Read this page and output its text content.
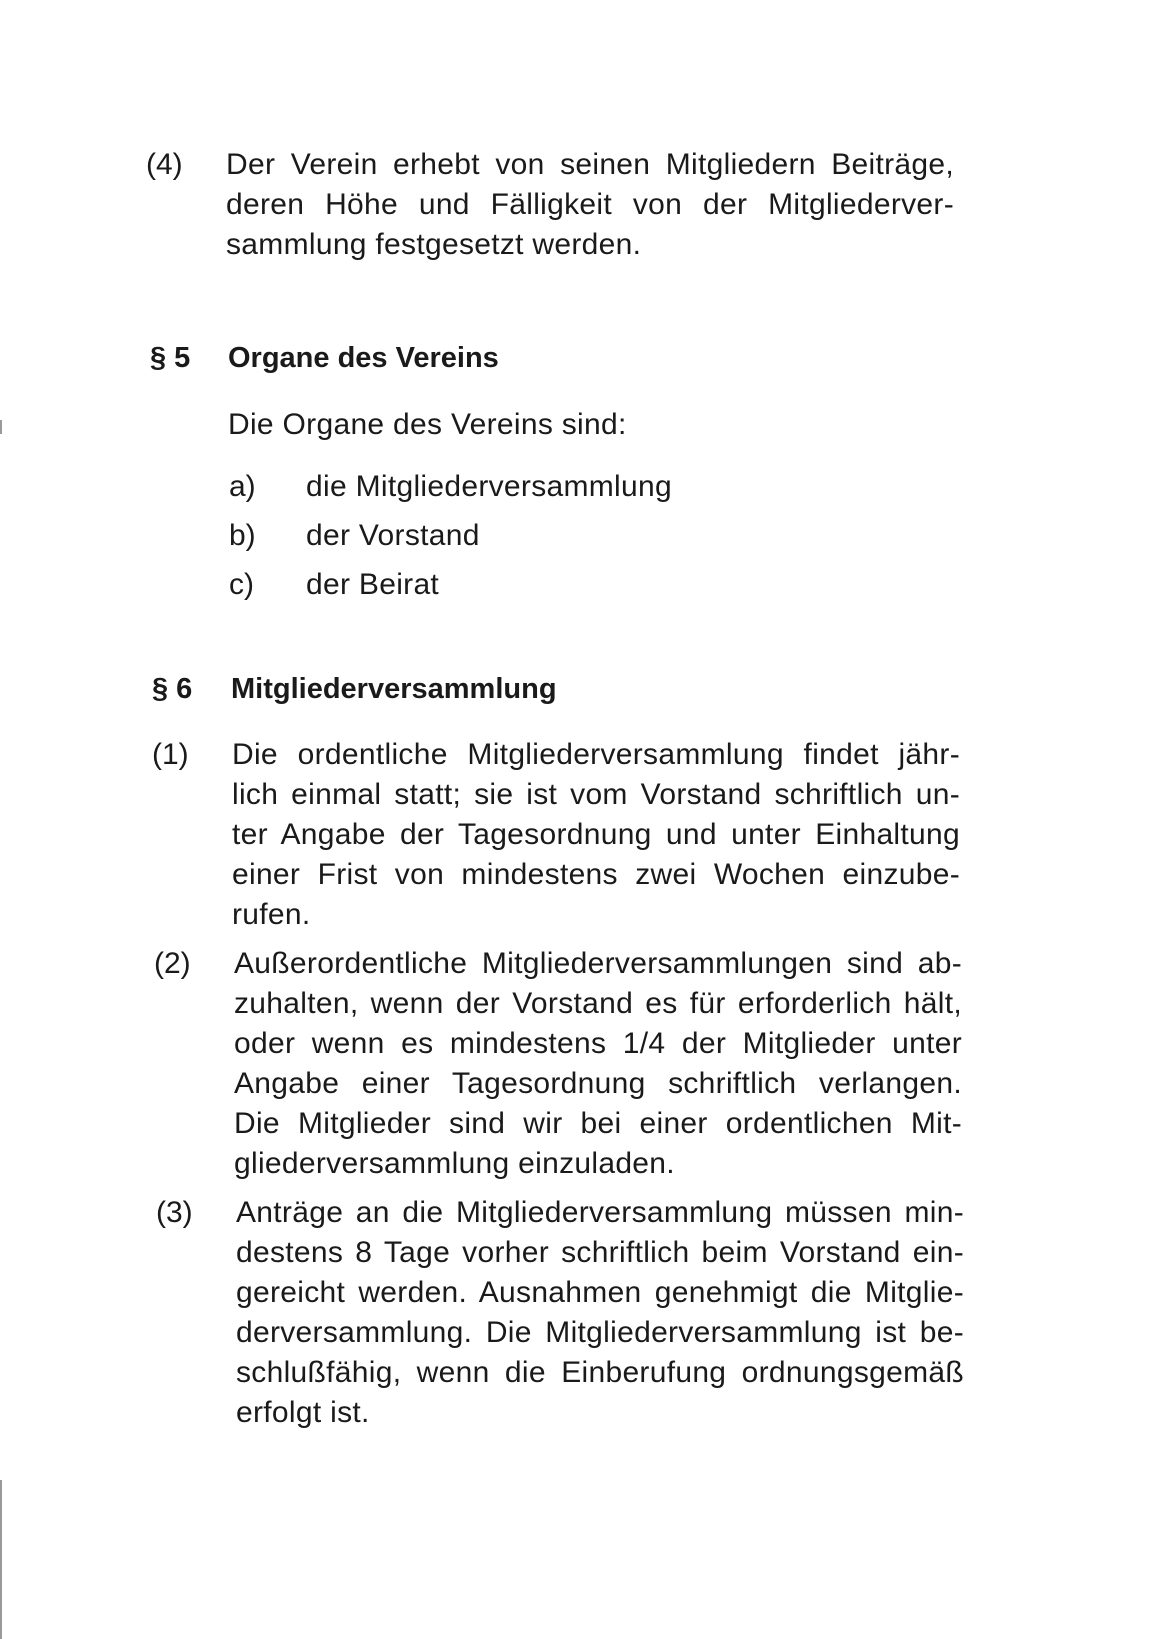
(4) Der Verein erhebt von seinen Mitgliedern Beiträge,
deren Höhe und Fälligkeit von der Mitgliederver-
sammlung festgesetzt werden.
§ 5 Organe des Vereins
Die Organe des Vereins sind:
a) die Mitgliederversammlung
b) der Vorstand
c) der Beirat
§ 6 Mitgliederversammlung
(1) Die ordentliche Mitgliederversammlung findet jähr-
lich einmal statt; sie ist vom Vorstand schriftlich un-
ter Angabe der Tagesordnung und unter Einhaltung
einer Frist von mindestens zwei Wochen einzube-
rufen.
(2) Außerordentliche Mitgliederversammlungen sind ab-
zuhalten, wenn der Vorstand es für erforderlich hält,
oder wenn es mindestens 1/4 der Mitglieder unter
Angabe einer Tagesordnung schriftlich verlangen.
Die Mitglieder sind wir bei einer ordentlichen Mit-
gliederversammlung einzuladen.
(3) Anträge an die Mitgliederversammlung müssen min-
destens 8 Tage vorher schriftlich beim Vorstand ein-
gereicht werden. Ausnahmen genehmigt die Mitglie-
derversammlung. Die Mitgliederversammlung ist be-
schlußfähig, wenn die Einberufung ordnungsgemäß
erfolgt ist.
